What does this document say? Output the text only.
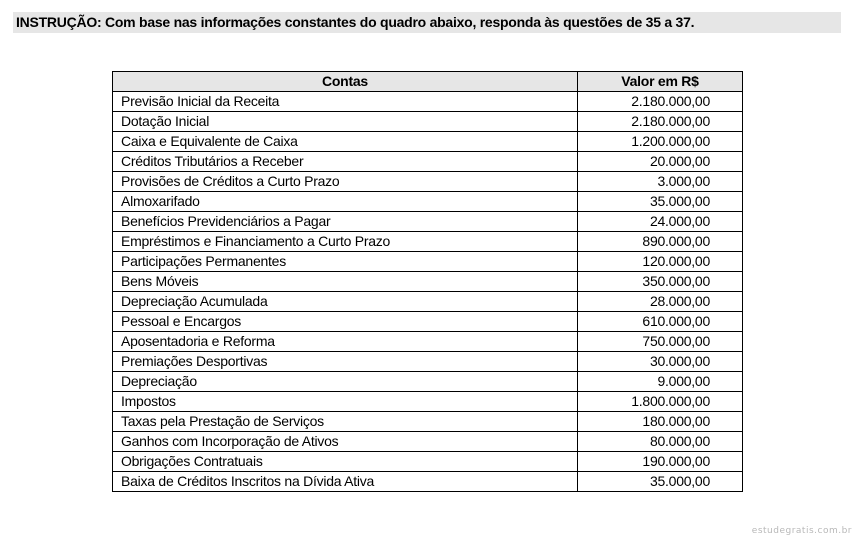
INSTRUÇÃO: Com base nas informações constantes do quadro abaixo, responda às questões de 35 a 37.
Contas	Valor em R$
Previsão Inicial da Receita	2.180.000,00
Dotação Inicial	2.180.000,00
Caixa e Equivalente de Caixa	1.200.000,00
Créditos Tributários a Receber	20.000,00
Provisões de Créditos a Curto Prazo	3.000,00
Almoxarifado	35.000,00
Benefícios Previdenciários a Pagar	24.000,00
Empréstimos e Financiamento a Curto Prazo	890.000,00
Participações Permanentes	120.000,00
Bens Móveis	350.000,00
Depreciação Acumulada	28.000,00
Pessoal e Encargos	610.000,00
Aposentadoria e Reforma	750.000,00
Premiações Desportivas	30.000,00
Depreciação	9.000,00
Impostos	1.800.000,00
Taxas pela Prestação de Serviços	180.000,00
Ganhos com Incorporação de Ativos	80.000,00
Obrigações Contratuais	190.000,00
Baixa de Créditos Inscritos na Dívida Ativa	35.000,00
estudegratis.com.br
